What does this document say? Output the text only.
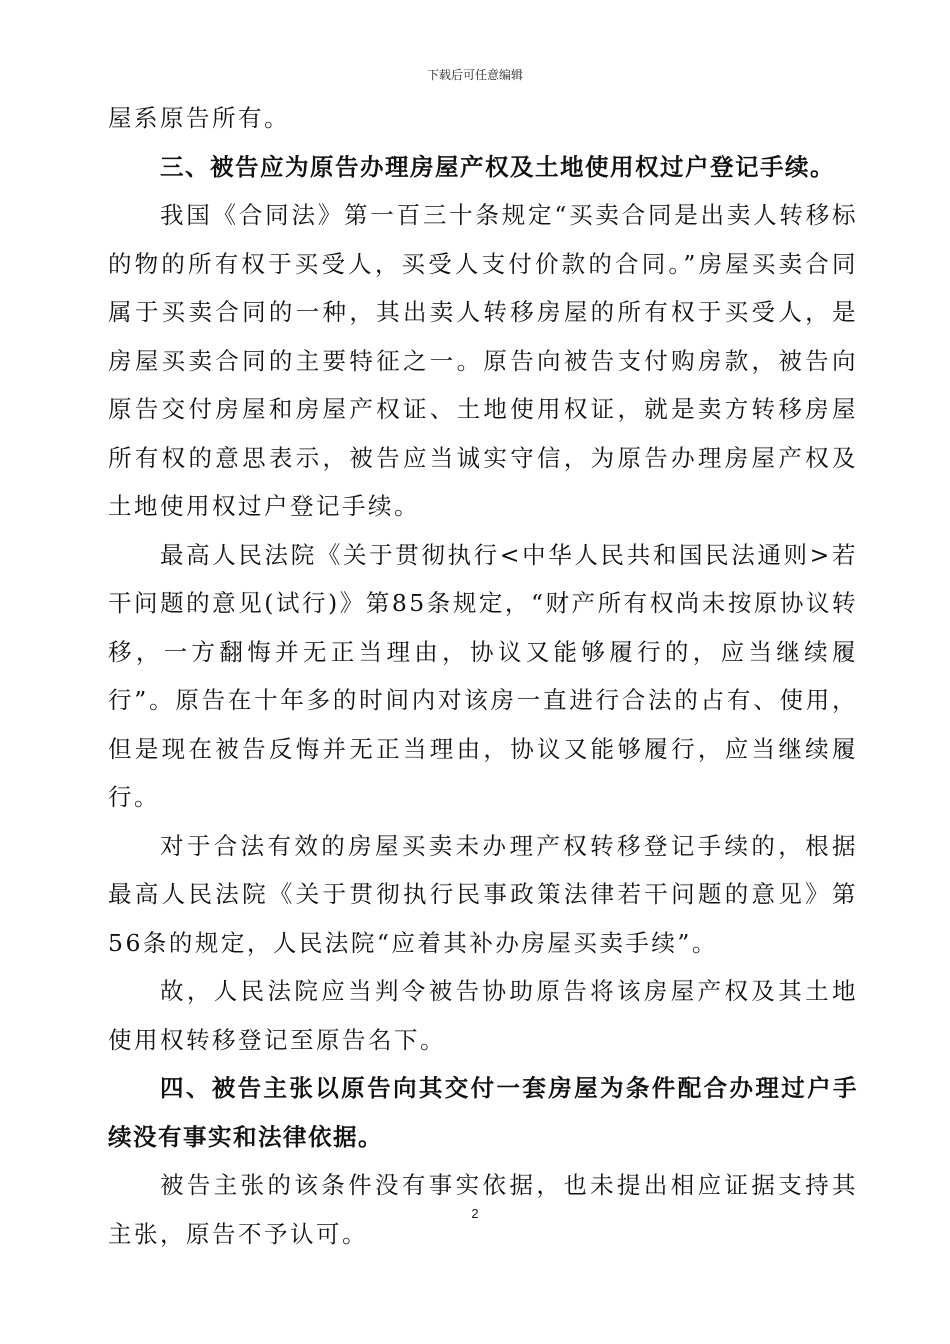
下载后可任意编辑

屋系原告所有。

三、被告应为原告办理房屋产权及土地使用权过户登记手续。

我国《合同法》第一百三十条规定“买卖合同是出卖人转移标的物的所有权于买受人，买受人支付价款的合同。”房屋买卖合同属于买卖合同的一种，其出卖人转移房屋的所有权于买受人，是房屋买卖合同的主要特征之一。原告向被告支付购房款，被告向原告交付房屋和房屋产权证、土地使用权证，就是卖方转移房屋所有权的意思表示，被告应当诚实守信，为原告办理房屋产权及土地使用权过户登记手续。

最高人民法院《关于贯彻执行<中华人民共和国民法通则>若干问题的意见(试行)》第85条规定，“财产所有权尚未按原协议转移，一方翻悔并无正当理由，协议又能够履行的，应当继续履行”。原告在十年多的时间内对该房一直进行合法的占有、使用，但是现在被告反悔并无正当理由，协议又能够履行，应当继续履行。

对于合法有效的房屋买卖未办理产权转移登记手续的，根据最高人民法院《关于贯彻执行民事政策法律若干问题的意见》第56条的规定，人民法院“应着其补办房屋买卖手续”。

故，人民法院应当判令被告协助原告将该房屋产权及其土地使用权转移登记至原告名下。

四、被告主张以原告向其交付一套房屋为条件配合办理过户手续没有事实和法律依据。

被告主张的该条件没有事实依据，也未提出相应证据支持其主张，原告不予认可。

2
